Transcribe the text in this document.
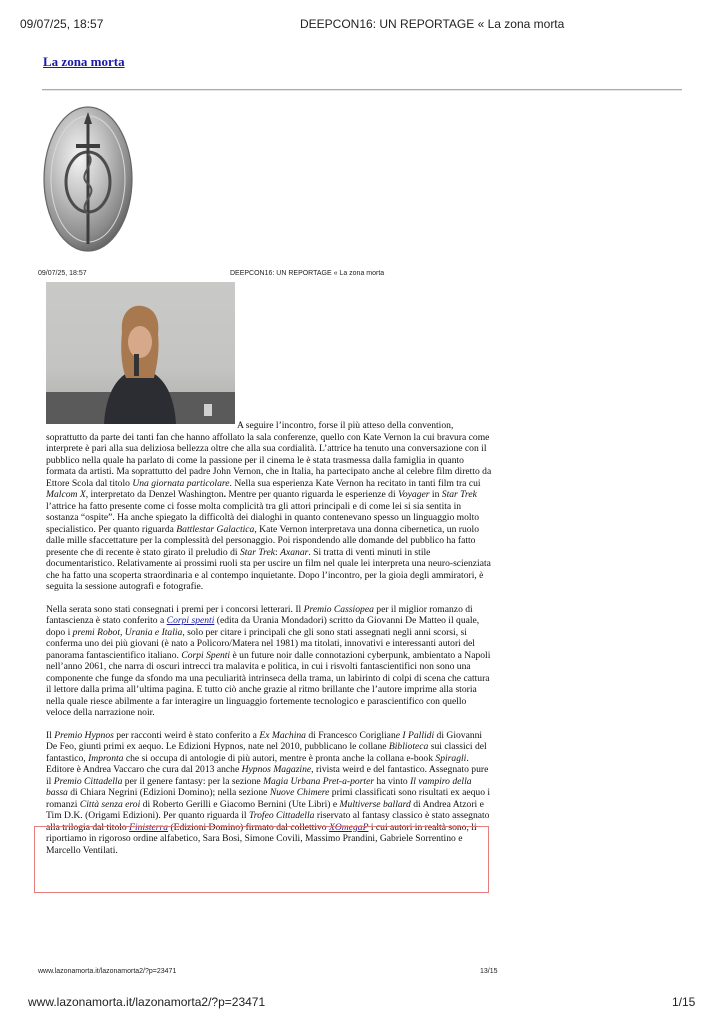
09/07/25, 18:57	DEEPCON16: UN REPORTAGE « La zona morta
La zona morta
09/07/25, 18:57	DEEPCON16: UN REPORTAGE « La zona morta

A seguire l’incontro, forse il più atteso della convention, soprattutto da parte dei tanti fan che hanno affollato la sala conferenze, quello con Kate Vernon la cui bravura come interprete è pari alla sua deliziosa bellezza oltre che alla sua cordialità. L’attrice ha tenuto una conversazione con il pubblico nella quale ha parlato di come la passione per il cinema le è stata trasmessa dalla famiglia in quanto formata da artisti. Ma soprattutto del padre John Vernon, che in Italia, ha partecipato anche al celebre film diretto da Ettore Scola dal titolo Una giornata particolare. Nella sua esperienza Kate Vernon ha recitato in tanti film tra cui Malcom X, interpretato da Denzel Washington. Mentre per quanto riguarda le esperienze di Voyager in Star Trek l’attrice ha fatto presente come ci fosse molta complicità tra gli attori principali e di come lei si sia sentita in sostanza “ospite”. Ha anche spiegato la difficoltà dei dialoghi in quanto contenevano spesso un linguaggio molto specialistico. Per quanto riguarda Battlestar Galactica, Kate Vernon interpretava una donna cibernetica, un ruolo dalle mille sfaccettature per la complessità del personaggio. Poi rispondendo alle domande del pubblico ha fatto presente che di recente è stato girato il preludio di Star Trek: Axanar. Si tratta di venti minuti in stile documentaristico. Relativamente ai prossimi ruoli sta per uscire un film nel quale lei interpreta una neuro-scienziata che ha fatto una scoperta straordinaria e al contempo inquietante. Dopo l’incontro, per la gioia degli ammiratori, è seguita la sessione autografi e fotografie.

Nella serata sono stati consegnati i premi per i concorsi letterari. Il Premio Cassiopea per il miglior romanzo di fantascienza è stato conferito a Corpi spenti (edita da Urania Mondadori) scritto da Giovanni De Matteo il quale, dopo i premi Robot, Urania e Italia, solo per citare i principali che gli sono stati assegnati negli anni scorsi, si conferma uno dei più giovani (è nato a Policoro/Matera nel 1981) ma titolati, innovativi e interessanti autori del panorama fantascientifico italiano. Corpi Spenti è un future noir dalle connotazioni cyberpunk, ambientato a Napoli nell’anno 2061, che narra di oscuri intrecci tra malavita e politica, in cui i risvolti fantascientifici non sono una componente che funge da sfondo ma una peculiarità intrinseca della trama, un labirinto di colpi di scena che cattura il lettore dalla prima all’ultima pagina. E tutto ciò anche grazie al ritmo brillante che l’autore imprime alla storia nella quale riesce abilmente a far interagire un linguaggio fortemente tecnologico e parascientifico con quello veloce della narrazione noir.

Il Premio Hypnos per racconti weird è stato conferito a Ex Machina di Francesco Corigliane I Pallidi di Giovanni De Feo, giunti primi ex aequo. Le Edizioni Hypnos, nate nel 2010, pubblicano le collane Biblioteca sui classici del fantastico, Impronta che si occupa di antologie di più autori, mentre è pronta anche la collana e-book Spiragli. Editore è Andrea Vaccaro che cura dal 2013 anche Hypnos Magazine, rivista weird e del fantastico. Assegnato pure il Premio Cittadella per il genere fantasy: per la sezione Magia Urbana Pret-a-porter ha vinto Il vampiro della bassa di Chiara Negrini (Edizioni Domino); nella sezione Nuove Chimere primi classificati sono risultati ex aequo i romanzi Città senza eroi di Roberto Gerilli e Giacomo Bernini (Ute Libri) e Multiverse ballard di Andrea Atzori e Tim D.K. (Origami Edizioni). Per quanto riguarda il Trofeo Cittadella riservato al fantasy classico è stato assegnato alla trilogia dal titolo Finisterra (Edizioni Domino) firmato dal collettivo XOmegaP i cui autori in realtà sono, li riportiamo in rigoroso ordine alfabetico, Sara Bosi, Simone Covili, Massimo Prandini, Gabriele Sorrentino e Marcello Ventilati.

www.lazonamorta.it/lazonamorta2/?p=23471	13/15
www.lazonamorta.it/lazonamorta2/?p=23471	1/15
